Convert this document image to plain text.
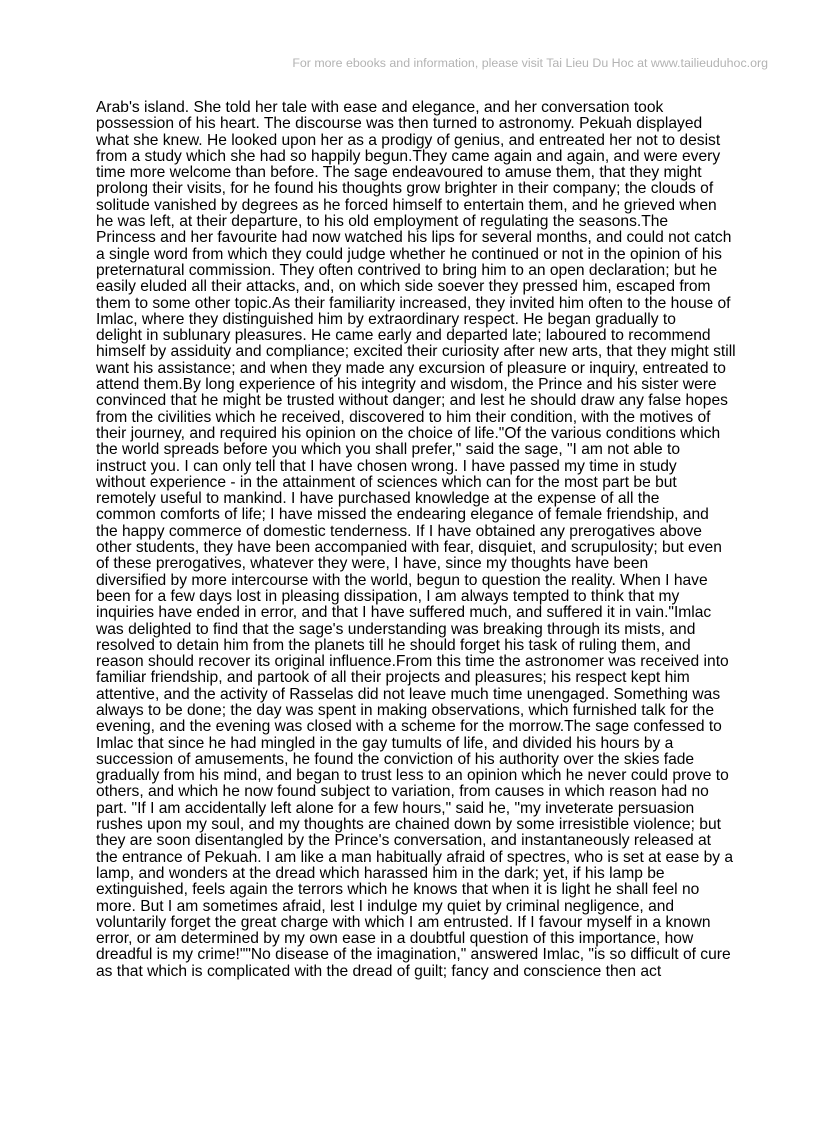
For more ebooks and information, please visit Tai Lieu Du Hoc at www.tailieuduhoc.org
Arab's island. She told her tale with ease and elegance, and her conversation took
possession of his heart. The discourse was then turned to astronomy. Pekuah displayed
what she knew. He looked upon her as a prodigy of genius, and entreated her not to desist
from a study which she had so happily begun.They came again and again, and were every
time more welcome than before. The sage endeavoured to amuse them, that they might
prolong their visits, for he found his thoughts grow brighter in their company; the clouds of
solitude vanished by degrees as he forced himself to entertain them, and he grieved when
he was left, at their departure, to his old employment of regulating the seasons.The
Princess and her favourite had now watched his lips for several months, and could not catch
a single word from which they could judge whether he continued or not in the opinion of his
preternatural commission. They often contrived to bring him to an open declaration; but he
easily eluded all their attacks, and, on which side soever they pressed him, escaped from
them to some other topic.As their familiarity increased, they invited him often to the house of
Imlac, where they distinguished him by extraordinary respect. He began gradually to
delight in sublunary pleasures. He came early and departed late; laboured to recommend
himself by assiduity and compliance; excited their curiosity after new arts, that they might still
want his assistance; and when they made any excursion of pleasure or inquiry, entreated to
attend them.By long experience of his integrity and wisdom, the Prince and his sister were
convinced that he might be trusted without danger; and lest he should draw any false hopes
from the civilities which he received, discovered to him their condition, with the motives of
their journey, and required his opinion on the choice of life."Of the various conditions which
the world spreads before you which you shall prefer," said the sage, "I am not able to
instruct you. I can only tell that I have chosen wrong. I have passed my time in study
without experience - in the attainment of sciences which can for the most part be but
remotely useful to mankind. I have purchased knowledge at the expense of all the
common comforts of life; I have missed the endearing elegance of female friendship, and
the happy commerce of domestic tenderness. If I have obtained any prerogatives above
other students, they have been accompanied with fear, disquiet, and scrupulosity; but even
of these prerogatives, whatever they were, I have, since my thoughts have been
diversified by more intercourse with the world, begun to question the reality. When I have
been for a few days lost in pleasing dissipation, I am always tempted to think that my
inquiries have ended in error, and that I have suffered much, and suffered it in vain."Imlac
was delighted to find that the sage's understanding was breaking through its mists, and
resolved to detain him from the planets till he should forget his task of ruling them, and
reason should recover its original influence.From this time the astronomer was received into
familiar friendship, and partook of all their projects and pleasures; his respect kept him
attentive, and the activity of Rasselas did not leave much time unengaged. Something was
always to be done; the day was spent in making observations, which furnished talk for the
evening, and the evening was closed with a scheme for the morrow.The sage confessed to
Imlac that since he had mingled in the gay tumults of life, and divided his hours by a
succession of amusements, he found the conviction of his authority over the skies fade
gradually from his mind, and began to trust less to an opinion which he never could prove to
others, and which he now found subject to variation, from causes in which reason had no
part. "If I am accidentally left alone for a few hours," said he, "my inveterate persuasion
rushes upon my soul, and my thoughts are chained down by some irresistible violence; but
they are soon disentangled by the Prince's conversation, and instantaneously released at
the entrance of Pekuah. I am like a man habitually afraid of spectres, who is set at ease by a
lamp, and wonders at the dread which harassed him in the dark; yet, if his lamp be
extinguished, feels again the terrors which he knows that when it is light he shall feel no
more. But I am sometimes afraid, lest I indulge my quiet by criminal negligence, and
voluntarily forget the great charge with which I am entrusted. If I favour myself in a known
error, or am determined by my own ease in a doubtful question of this importance, how
dreadful is my crime!""No disease of the imagination," answered Imlac, "is so difficult of cure
as that which is complicated with the dread of guilt; fancy and conscience then act
